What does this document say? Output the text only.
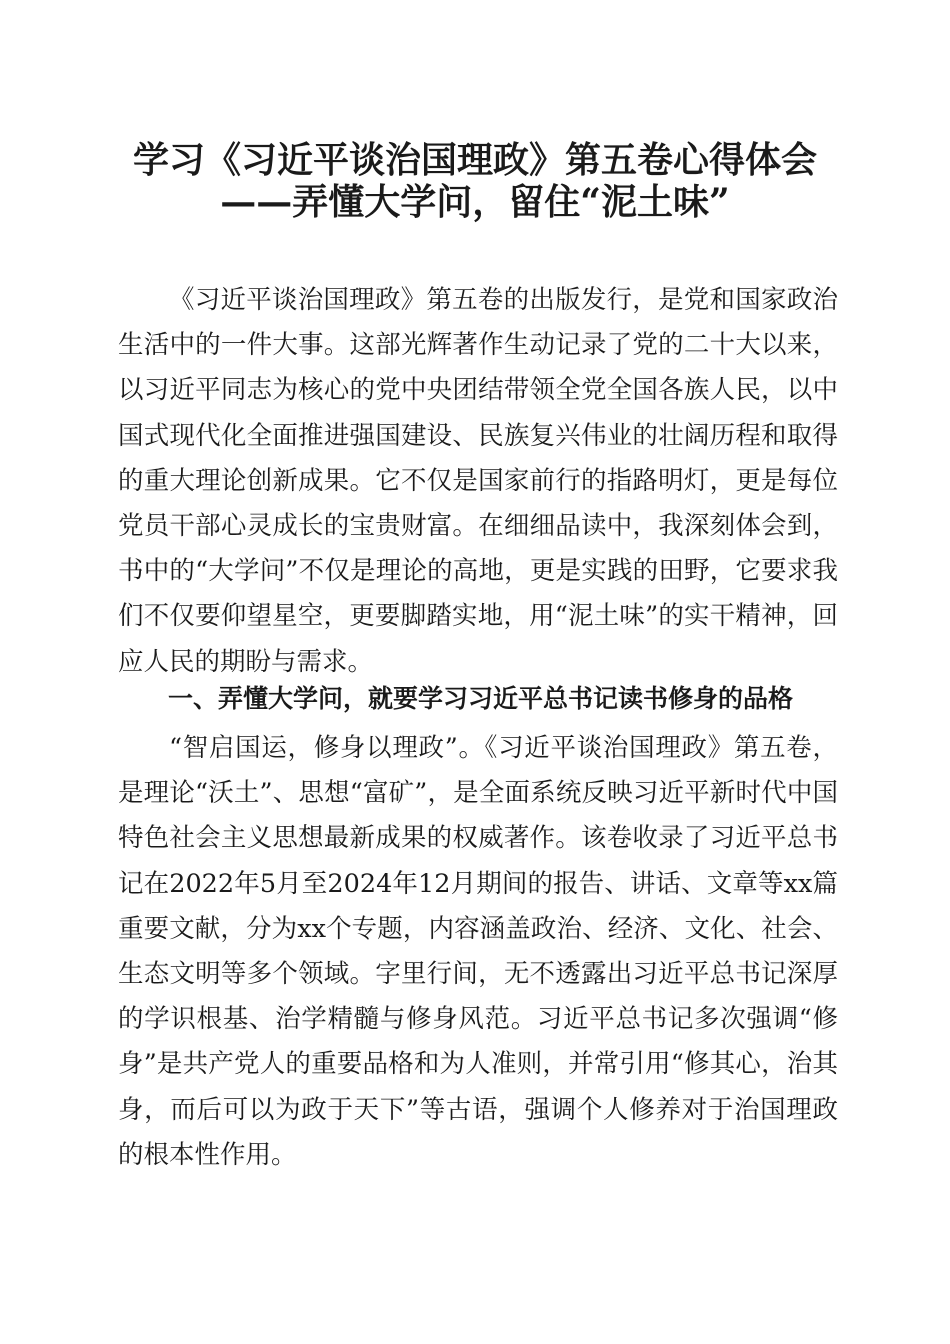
学习《习近平谈治国理政》第五卷心得体会
——弄懂大学问，留住“泥土味”

《习近平谈治国理政》第五卷的出版发行，是党和国家政治生活中的一件大事。这部光辉著作生动记录了党的二十大以来，以习近平同志为核心的党中央团结带领全党全国各族人民，以中国式现代化全面推进强国建设、民族复兴伟业的壮阔历程和取得的重大理论创新成果。它不仅是国家前行的指路明灯，更是每位党员干部心灵成长的宝贵财富。在细细品读中，我深刻体会到，书中的“大学问”不仅是理论的高地，更是实践的田野，它要求我们不仅要仰望星空，更要脚踏实地，用“泥土味”的实干精神，回应人民的期盼与需求。

一、弄懂大学问，就要学习习近平总书记读书修身的品格

“智启国运，修身以理政”。《习近平谈治国理政》第五卷，是理论“沃土”、思想“富矿”，是全面系统反映习近平新时代中国特色社会主义思想最新成果的权威著作。该卷收录了习近平总书记在2022年5月至2024年12月期间的报告、讲话、文章等xx篇重要文献，分为xx个专题，内容涵盖政治、经济、文化、社会、生态文明等多个领域。字里行间，无不透露出习近平总书记深厚的学识根基、治学精髓与修身风范。习近平总书记多次强调“修身”是共产党人的重要品格和为人准则，并常引用“修其心，治其身，而后可以为政于天下”等古语，强调个人修养对于治国理政的根本性作用。
